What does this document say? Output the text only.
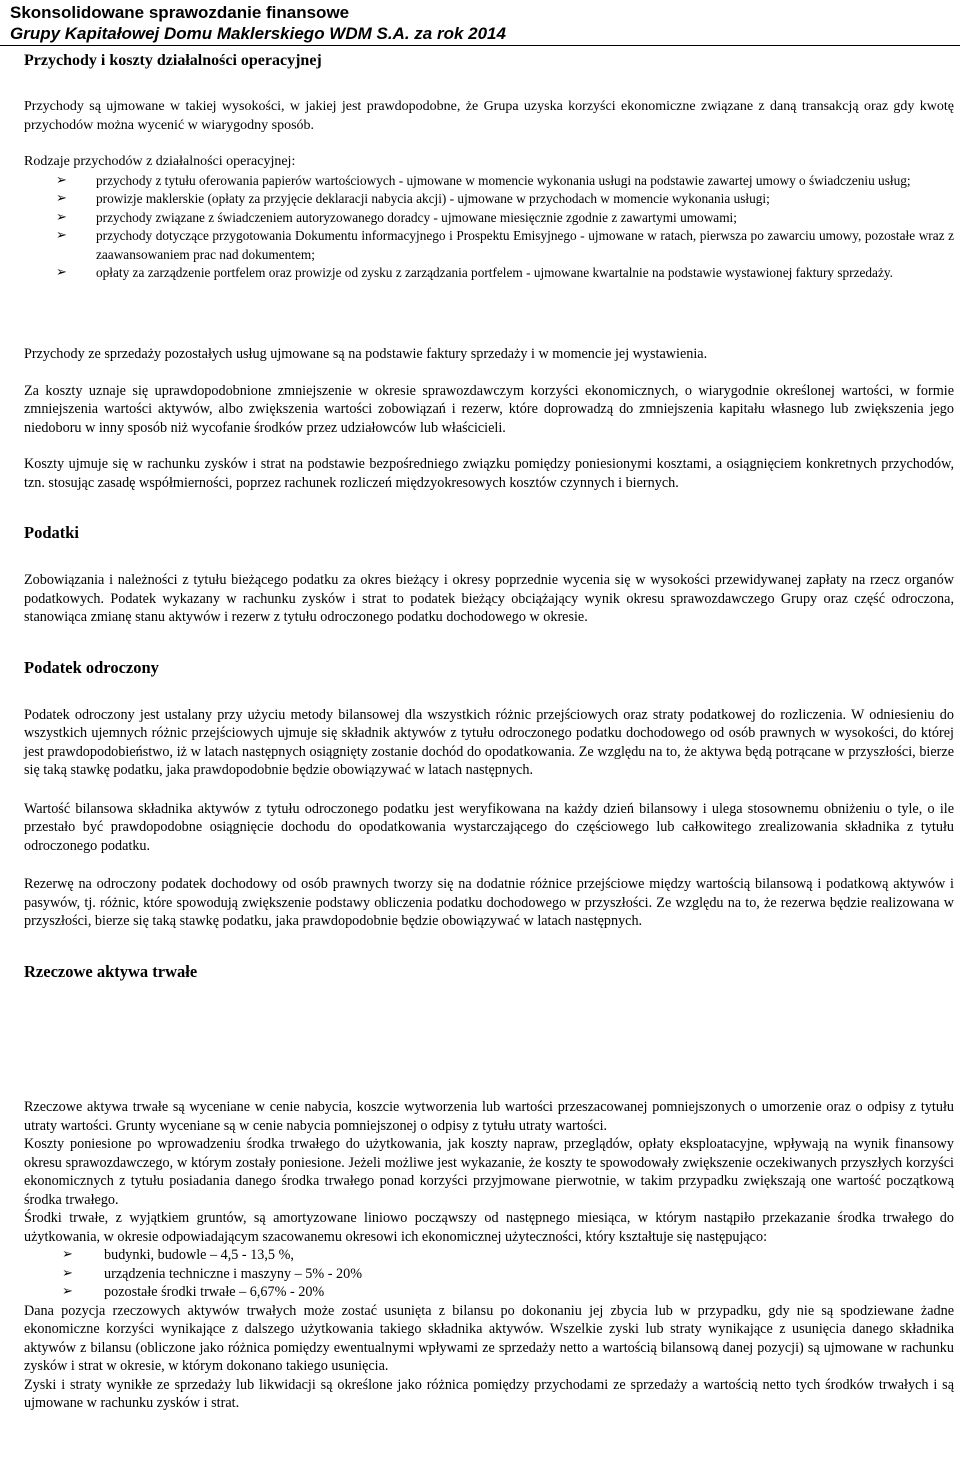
Skonsolidowane sprawozdanie finansowe
Grupy Kapitałowej Domu Maklerskiego WDM S.A. za rok 2014
Przychody i koszty działalności operacyjnej

Przychody są ujmowane w takiej wysokości, w jakiej jest prawdopodobne, że Grupa uzyska korzyści ekonomiczne związane z daną transakcją oraz gdy kwotę przychodów można wycenić w wiarygodny sposób.

Rodzaje przychodów z działalności operacyjnej:

➢ przychody z tytułu oferowania papierów wartościowych - ujmowane w momencie wykonania usługi na podstawie zawartej umowy o świadczeniu usług;
➢ prowizje maklerskie (opłaty za przyjęcie deklaracji nabycia akcji) - ujmowane w przychodach w momencie wykonania usługi;
➢ przychody związane z świadczeniem autoryzowanego doradcy - ujmowane miesięcznie zgodnie z zawartymi umowami;
➢ przychody dotyczące przygotowania Dokumentu informacyjnego i Prospektu Emisyjnego - ujmowane w ratach, pierwsza po zawarciu umowy, pozostałe wraz z zaawansowaniem prac nad dokumentem;
➢ opłaty za zarządzenie portfelem oraz prowizje od zysku z zarządzania portfelem - ujmowane kwartalnie na podstawie wystawionej faktury sprzedaży.

Przychody ze sprzedaży pozostałych usług ujmowane są na podstawie faktury sprzedaży i w momencie jej wystawienia.

Za koszty uznaje się uprawdopodobnione zmniejszenie w okresie sprawozdawczym korzyści ekonomicznych, o wiarygodnie określonej wartości, w formie zmniejszenia wartości aktywów, albo zwiększenia wartości zobowiązań i rezerw, które doprowadzą do zmniejszenia kapitału własnego lub zwiększenia jego niedoboru w inny sposób niż wycofanie środków przez udziałowców lub właścicieli.

Koszty ujmuje się w rachunku zysków i strat na podstawie bezpośredniego związku pomiędzy poniesionymi kosztami, a osiągnięciem konkretnych przychodów, tzn. stosując zasadę współmierności, poprzez rachunek rozliczeń międzyokresowych kosztów czynnych i biernych.

Podatki

Zobowiązania i należności z tytułu bieżącego podatku za okres bieżący i okresy poprzednie wycenia się w wysokości przewidywanej zapłaty na rzecz organów podatkowych. Podatek wykazany w rachunku zysków i strat to podatek bieżący obciążający wynik okresu sprawozdawczego Grupy oraz część odroczona, stanowiąca zmianę stanu aktywów i rezerw z tytułu odroczonego podatku dochodowego w okresie.

Podatek odroczony

Podatek odroczony jest ustalany przy użyciu metody bilansowej dla wszystkich różnic przejściowych oraz straty podatkowej do rozliczenia. W odniesieniu do wszystkich ujemnych różnic przejściowych ujmuje się składnik aktywów z tytułu odroczonego podatku dochodowego od osób prawnych w wysokości, do której jest prawdopodobieństwo, iż w latach następnych osiągnięty zostanie dochód do opodatkowania. Ze względu na to, że aktywa będą potrącane w przyszłości, bierze się taką stawkę podatku, jaka prawdopodobnie będzie obowiązywać w latach następnych.

Wartość bilansowa składnika aktywów z tytułu odroczonego podatku jest weryfikowana na każdy dzień bilansowy i ulega stosownemu obniżeniu o tyle, o ile przestało być prawdopodobne osiągnięcie dochodu do opodatkowania wystarczającego do częściowego lub całkowitego zrealizowania składnika z tytułu odroczonego podatku.

Rezerwę na odroczony podatek dochodowy od osób prawnych tworzy się na dodatnie różnice przejściowe między wartością bilansową i podatkową aktywów i pasywów, tj. różnic, które spowodują zwiększenie podstawy obliczenia podatku dochodowego w przyszłości. Ze względu na to, że rezerwa będzie realizowana w przyszłości, bierze się taką stawkę podatku, jaka prawdopodobnie będzie obowiązywać w latach następnych.

Rzeczowe aktywa trwałe

Rzeczowe aktywa trwałe są wyceniane w cenie nabycia, koszcie wytworzenia lub wartości przeszacowanej pomniejszonych o umorzenie oraz o odpisy z tytułu utraty wartości. Grunty wyceniane są w cenie nabycia pomniejszonej o odpisy z tytułu utraty wartości.

Koszty poniesione po wprowadzeniu środka trwałego do użytkowania, jak koszty napraw, przeglądów, opłaty eksploatacyjne, wpływają na wynik finansowy okresu sprawozdawczego, w którym zostały poniesione. Jeżeli możliwe jest wykazanie, że koszty te spowodowały zwiększenie oczekiwanych przyszłych korzyści ekonomicznych z tytułu posiadania danego środka trwałego ponad korzyści przyjmowane pierwotnie, w takim przypadku zwiększają one wartość początkową środka trwałego.

Środki trwałe, z wyjątkiem gruntów, są amortyzowane liniowo począwszy od następnego miesiąca, w którym nastąpiło przekazanie środka trwałego do użytkowania, w okresie odpowiadającym szacowanemu okresowi ich ekonomicznej użyteczności, który kształtuje się następująco:

➢ budynki, budowle – 4,5 - 13,5 %,
➢ urządzenia techniczne i maszyny – 5% - 20%
➢ pozostałe środki trwałe – 6,67% - 20%

Dana pozycja rzeczowych aktywów trwałych może zostać usunięta z bilansu po dokonaniu jej zbycia lub w przypadku, gdy nie są spodziewane żadne ekonomiczne korzyści wynikające z dalszego użytkowania takiego składnika aktywów. Wszelkie zyski lub straty wynikające z usunięcia danego składnika aktywów z bilansu (obliczone jako różnica pomiędzy ewentualnymi wpływami ze sprzedaży netto a wartością bilansową danej pozycji) są ujmowane w rachunku zysków i strat w okresie, w którym dokonano takiego usunięcia.

Zyski i straty wynikłe ze sprzedaży lub likwidacji są określone jako różnica pomiędzy przychodami ze sprzedaży a wartością netto tych środków trwałych i są ujmowane w rachunku zysków i strat.
